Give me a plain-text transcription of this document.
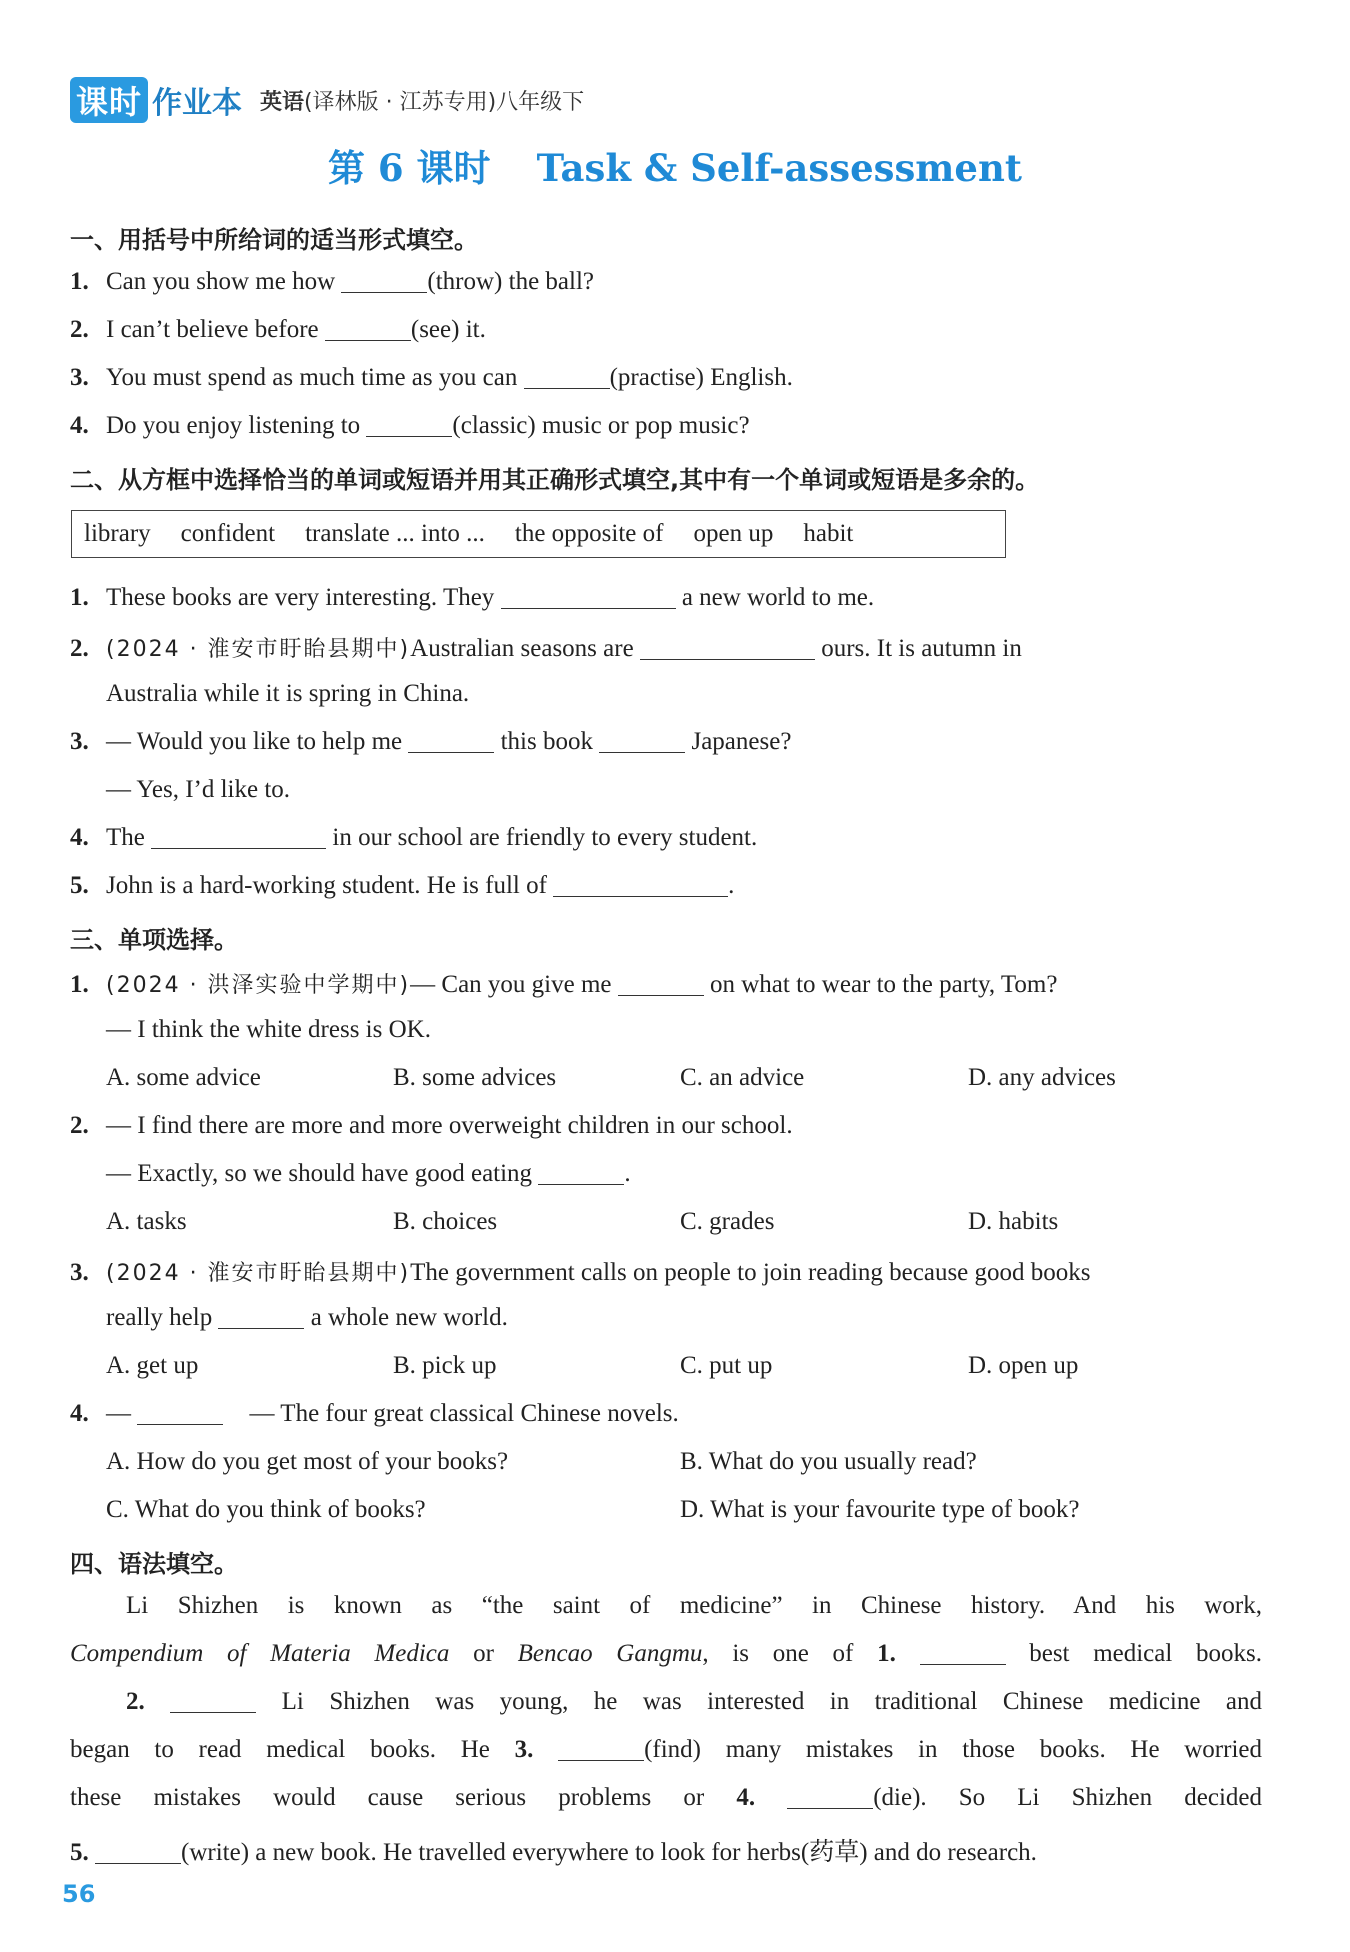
课时 作业本 英语(译林版 · 江苏专用)八年级下
第 6 课时 Task & Self-assessment
一、用括号中所给词的适当形式填空。
1. Can you show me how	(throw) the ball?
2. I can’t believe before	(see) it.
3. You must spend as much time as you can	(practise) English.
4. Do you enjoy listening to	(classic) music or pop music?
二、从方框中选择恰当的单词或短语并用其正确形式填空,其中有一个单词或短语是多余的。
library confident translate ... into ... the opposite of open up habit
1. These books are very interesting. They	a new world to me.
2. (2024 · 淮安市盱眙县期中)Australian seasons are	ours. It is autumn in
Australia while it is spring in China.
3. — Would you like to help me	this book	Japanese?
— Yes, I’d like to.
4. The	in our school are friendly to every student.
5. John is a hard-working student. He is full of	.
三、单项选择。
1. (2024 · 洪泽实验中学期中)— Can you give me	on what to wear to the party, Tom?
— I think the white dress is OK.
A. some advice	B. some advices	C. an advice	D. any advices
2. — I find there are more and more overweight children in our school.
— Exactly, so we should have good eating	.
A. tasks	B. choices	C. grades	D. habits
3. (2024 · 淮安市盱眙县期中)The government calls on people to join reading because good books
really help	a whole new world.
A. get up	B. pick up	C. put up	D. open up
4. —	— The four great classical Chinese novels.
A. How do you get most of your books?	B. What do you usually read?
C. What do you think of books?	D. What is your favourite type of book?
四、语法填空。
Li Shizhen is known as “the saint of medicine” in Chinese history. And his work,
Compendium of Materia Medica or Bencao Gangmu, is one of 1.	best medical books.
2.	Li Shizhen was young, he was interested in traditional Chinese medicine and
began to read medical books. He 3.	(find) many mistakes in those books. He worried
these mistakes would cause serious problems or 4.	(die). So Li Shizhen decided
5.	(write) a new book. He travelled everywhere to look for herbs(药草) and do research.
56
